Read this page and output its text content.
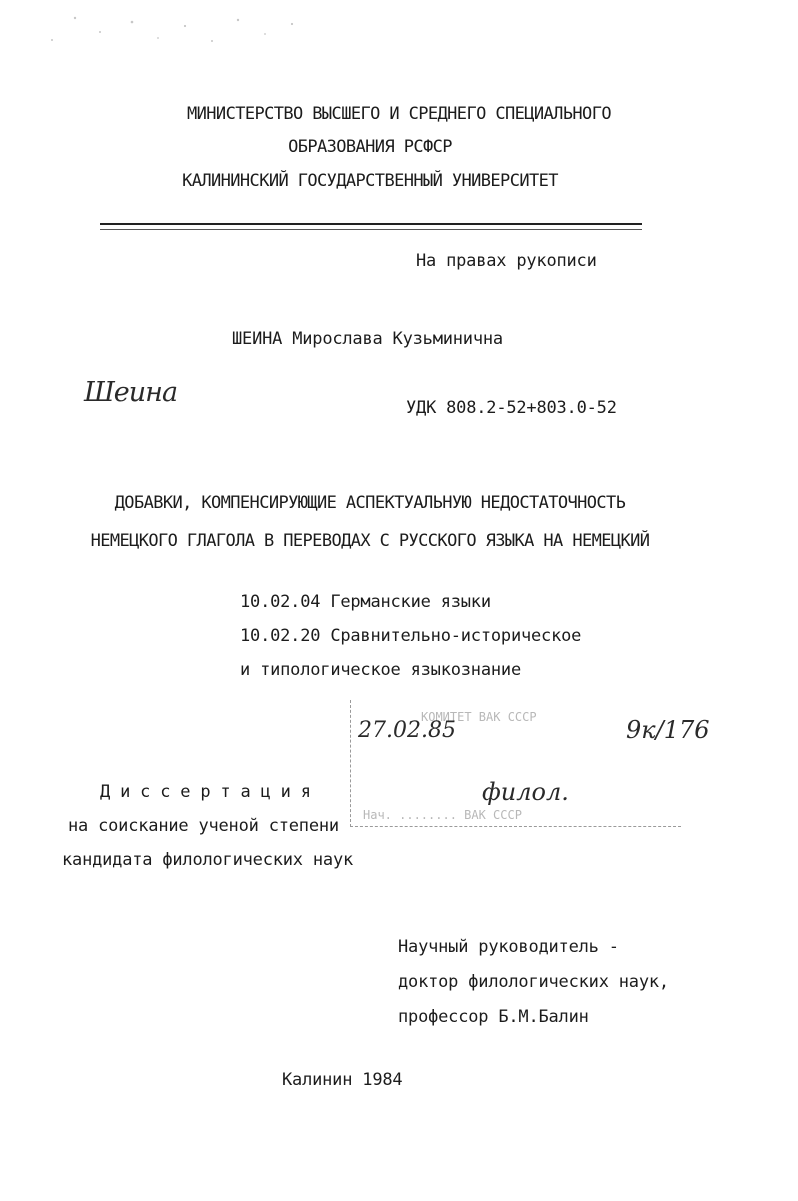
МИНИСТЕРСТВО ВЫСШЕГО И СРЕДНЕГО СПЕЦИАЛЬНОГО
ОБРАЗОВАНИЯ РСФСР
КАЛИНИНСКИЙ ГОСУДАРСТВЕННЫЙ УНИВЕРСИТЕТ
На правах рукописи
ШЕИНА Мирослава Кузьминична
Шеина	УДК 808.2-52+803.0-52
ДОБАВКИ, КОМПЕНСИРУЮЩИЕ АСПЕКТУАЛЬНУЮ НЕДОСТАТОЧНОСТЬ
НЕМЕЦКОГО ГЛАГОЛА В ПЕРЕВОДАХ С РУССКОГО ЯЗЫКА НА НЕМЕЦКИЙ
10.02.04 Германские языки
10.02.20 Сравнительно-историческое
и типологическое языкознание
КОМИТЕТ ВАК СССР
Нач. ........ ВАК СССР
27.02.85	9к/176
филол.
Д и с с е р т а ц и я
на соискание ученой степени
кандидата филологических наук
Научный руководитель -
доктор филологических наук,
профессор Б.М.Балин
Калинин 1984
